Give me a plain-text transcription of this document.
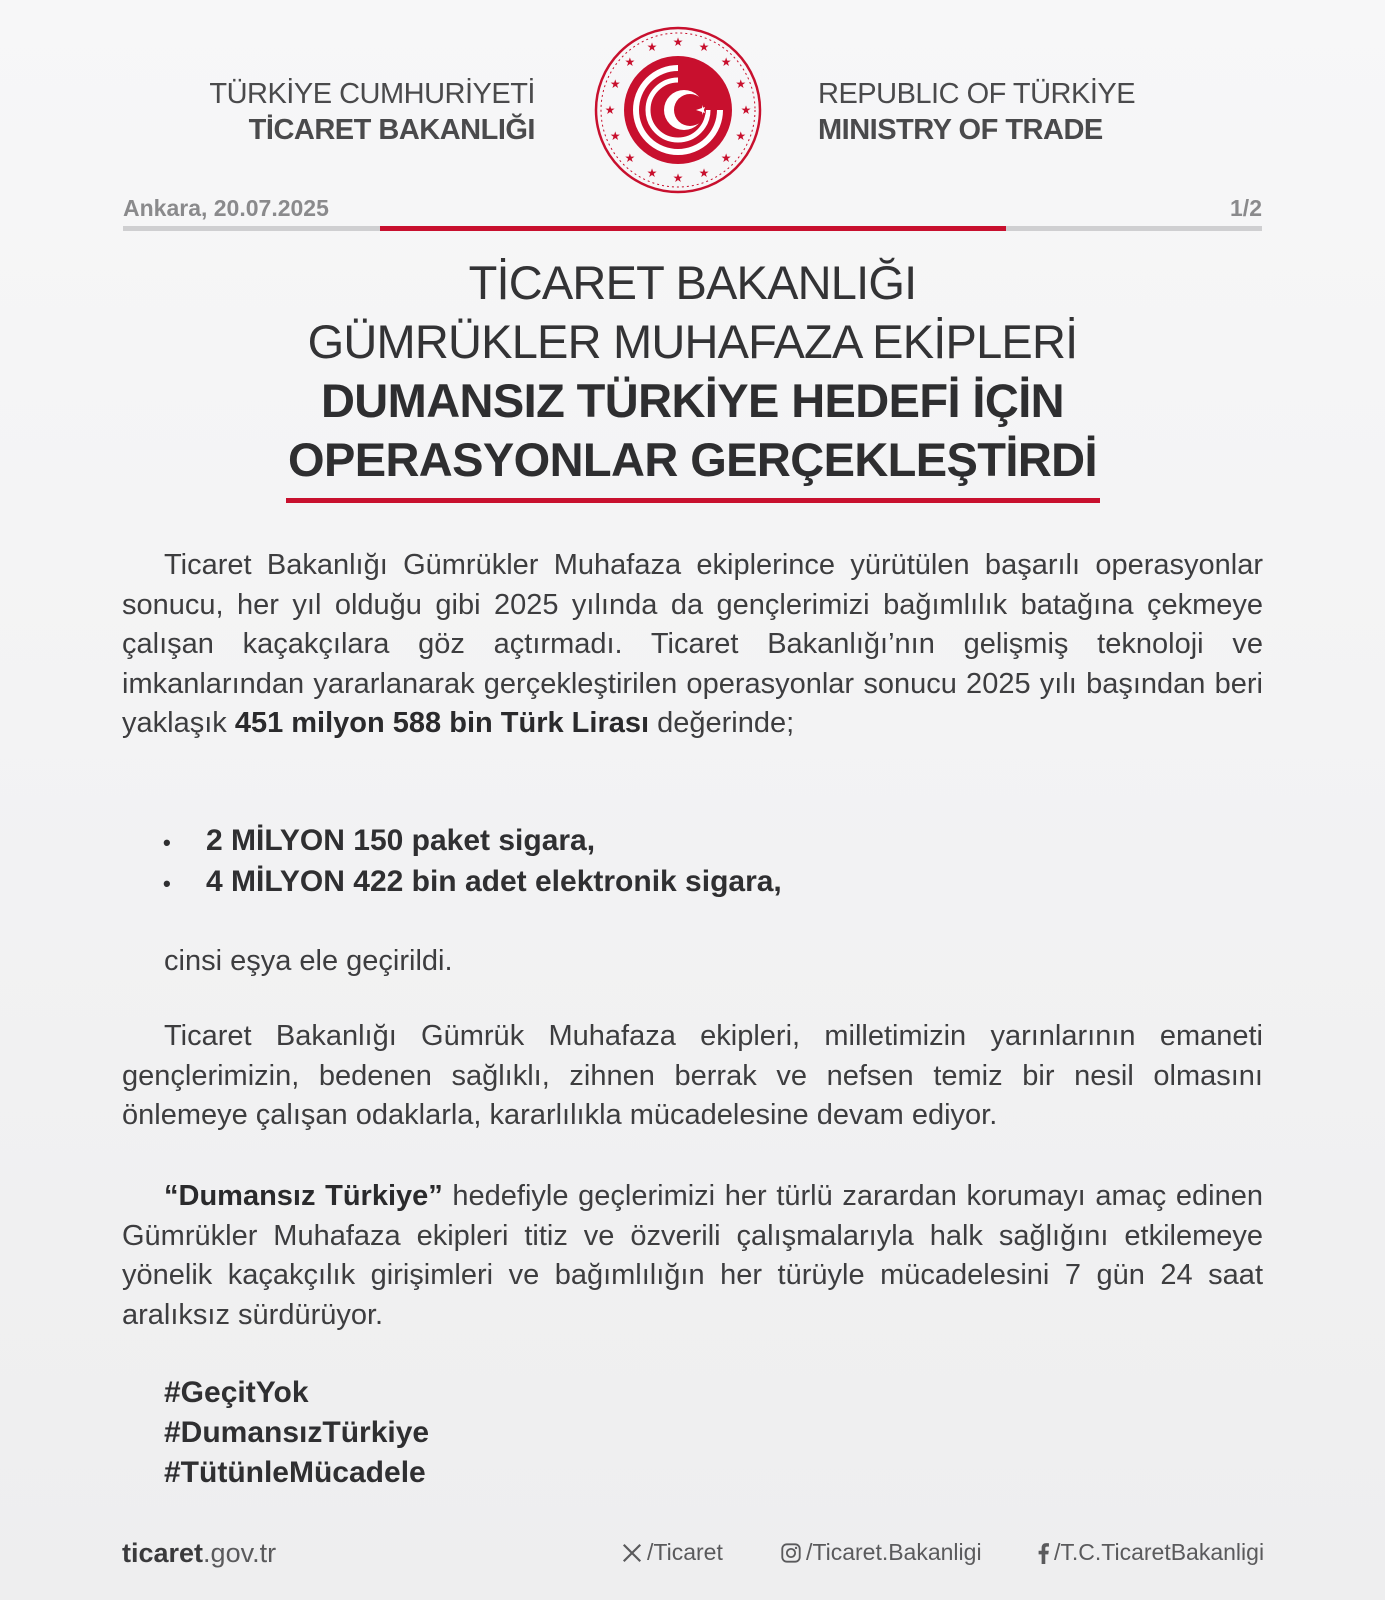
TÜRKİYE CUMHURİYETİ
TİCARET BAKANLIĞI
★ ★
★
★
★
★
★
★
★
★
★
★
★
★
★
★
REPUBLIC OF TÜRKİYE
MINISTRY OF TRADE
Ankara, 20.07.2025	1/2
TİCARET BAKANLIĞI
GÜMRÜKLER MUHAFAZA EKİPLERİ
DUMANSIZ TÜRKİYE HEDEFİ İÇİN
OPERASYONLAR GERÇEKLEŞTİRDİ
Ticaret Bakanlığı Gümrükler Muhafaza ekiplerince yürütülen başarılı operasyonlar sonucu, her yıl olduğu gibi 2025 yılında da gençlerimizi bağımlılık batağına çekmeye çalışan kaçakçılara göz açtırmadı. Ticaret Bakanlığı’nın gelişmiş teknoloji ve imkanlarından yararlanarak gerçekleştirilen operasyonlar sonucu 2025 yılı başından beri yaklaşık 451 milyon 588 bin Türk Lirası değerinde;
•	2 MİLYON 150 paket sigara,
•	4 MİLYON 422 bin adet elektronik sigara,
cinsi eşya ele geçirildi.
Ticaret Bakanlığı Gümrük Muhafaza ekipleri, milletimizin yarınlarının emaneti gençlerimizin, bedenen sağlıklı, zihnen berrak ve nefsen temiz bir nesil olmasını önlemeye çalışan odaklarla, kararlılıkla mücadelesine devam ediyor.
“Dumansız Türkiye” hedefiyle geçlerimizi her türlü zarardan korumayı amaç edinen Gümrükler Muhafaza ekipleri titiz ve özverili çalışmalarıyla halk sağlığını etkilemeye yönelik kaçakçılık girişimleri ve bağımlılığın her türüyle mücadelesini 7 gün 24 saat aralıksız sürdürüyor.
#GeçitYok
#DumansızTürkiye
#TütünleMücadele
ticaret.gov.tr	/Ticaret	/Ticaret.Bakanligi	/T.C.TicaretBakanligi
